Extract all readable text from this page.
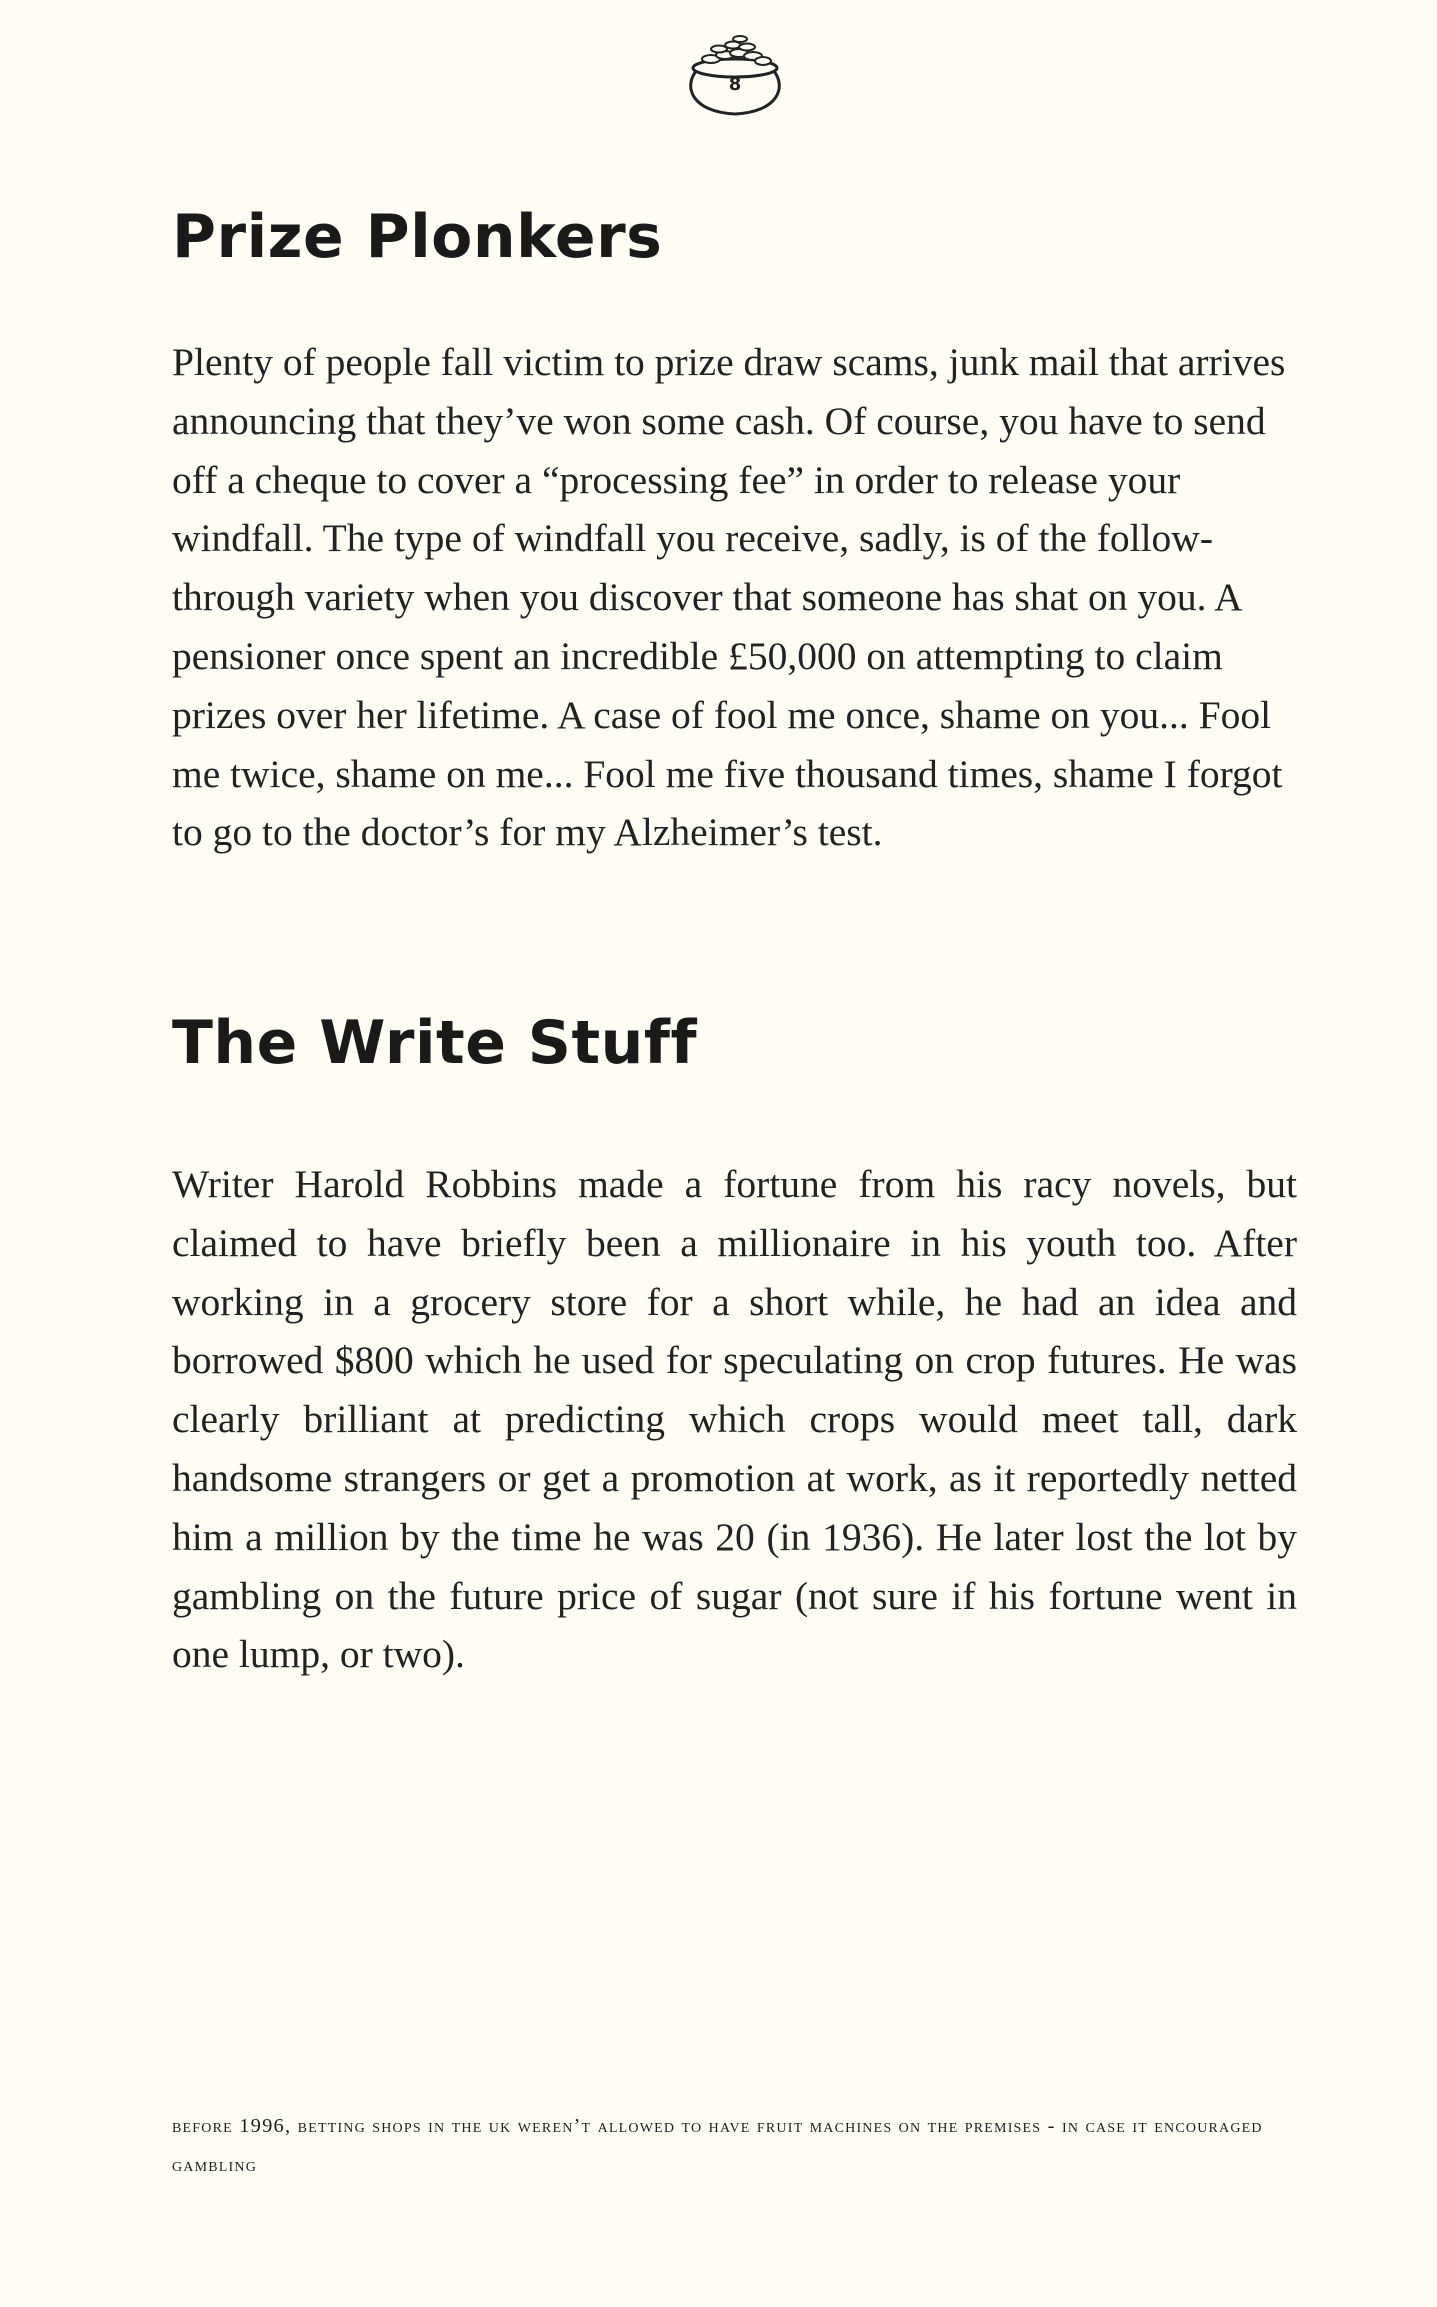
8
Prize Plonkers

Plenty of people fall victim to prize draw scams, junk mail that arrives announcing that they’ve won some cash. Of course, you have to send off a cheque to cover a “processing fee” in order to release your windfall. The type of windfall you receive, sadly, is of the follow-through variety when you discover that someone has shat on you. A pensioner once spent an incredible £50,000 on attempting to claim prizes over her lifetime. A case of fool me once, shame on you... Fool me twice, shame on me... Fool me five thousand times, shame I forgot to go to the doctor’s for my Alzheimer’s test.

The Write Stuff

Writer Harold Robbins made a fortune from his racy novels, but claimed to have briefly been a millionaire in his youth too. After working in a grocery store for a short while, he had an idea and borrowed $800 which he used for speculating on crop futures. He was clearly brilliant at predicting which crops would meet tall, dark handsome strangers or get a promotion at work, as it reportedly netted him a million by the time he was 20 (in 1936). He later lost the lot by gambling on the future price of sugar (not sure if his fortune went in one lump, or two).

before 1996, betting shops in the uk weren’t allowed to have fruit machines on the premises - in case it encouraged gambling
